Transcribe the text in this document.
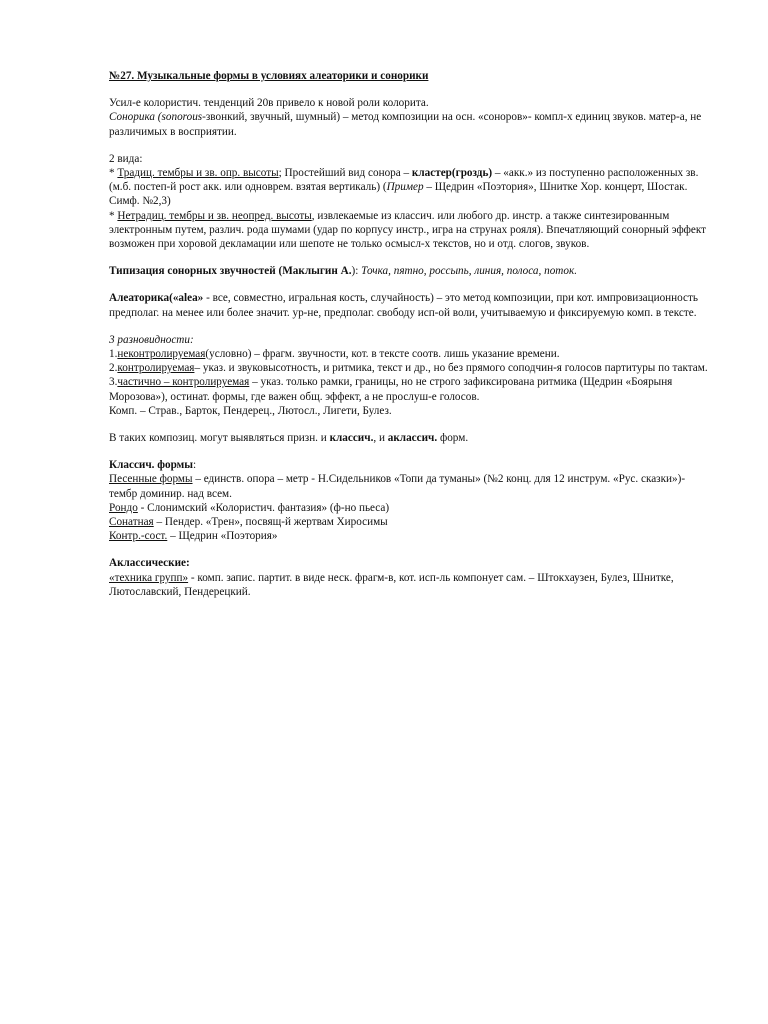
№27. Музыкальные формы в условиях алеаторики и сонорики

Усил-е колористич. тенденций 20в привело к новой роли колорита.
Сонорика (sonorous-звонкий, звучный, шумный) – метод композиции на осн. «соноров»- компл-х единиц звуков. матер-а, не различимых в восприятии.

2 вида:
* Традиц. тембры и зв. опр. высоты; Простейший вид сонора – кластер(гроздь) – «акк.» из поступенно расположенных зв. (м.б. постеп-й рост акк. или одноврем. взятая вертикаль) (Пример – Щедрин «Поэтория», Шнитке Хор. концерт, Шостак. Симф. №2,3)
* Нетрадиц. тембры и зв. неопред. высоты, извлекаемые из классич. или любого др. инстр. а также синтезированным электронным путем, различ. рода шумами (удар по корпусу инстр., игра на струнах рояля). Впечатляющий сонорный эффект возможен при хоровой декламации или шепоте не только осмысл-х текстов, но и отд. слогов, звуков.

Типизация сонорных звучностей (Маклыгин А.): Точка, пятно, россыпь, линия, полоса, поток.

Алеаторика(«alea» - все, совместно, игральная кость, случайность) – это метод композиции, при кот. импровизационность предполаг. на менее или более значит. ур-не, предполаг. свободу исп-ой воли, учитываемую и фиксируемую комп. в тексте.

3 разновидности:
1.неконтролируемая(условно) – фрагм. звучности, кот. в тексте соотв. лишь указание времени.
2.контролируемая– указ. и звуковысотность, и ритмика, текст и др., но без прямого соподчин-я голосов партитуры по тактам.
3.частично – контролируемая – указ. только рамки, границы, но не строго зафиксирована ритмика (Щедрин «Боярыня Морозова»), остинат. формы, где важен общ. эффект, а не прослуш-е голосов.
Комп. – Страв., Барток, Пендерец., Лютосл., Лигети, Булез.

В таких композиц. могут выявляться призн. и классич., и аклассич. форм.

Классич. формы:
Песенные формы – единств. опора – метр - Н.Сидельников «Топи да туманы» (№2 конц. для 12 инструм. «Рус. сказки»)- тембр доминир. над всем.
Рондо - Слонимский «Колористич. фантазия» (ф-но пьеса)
Сонатная – Пендер. «Трен», посвящ-й жертвам Хиросимы
Контр.-сост. – Щедрин «Поэтория»

Аклассические:
«техника групп» - комп. запис. партит. в виде неск. фрагм-в, кот. исп-ль компонует сам. – Штокхаузен, Булез, Шнитке, Лютославский, Пендерецкий.
